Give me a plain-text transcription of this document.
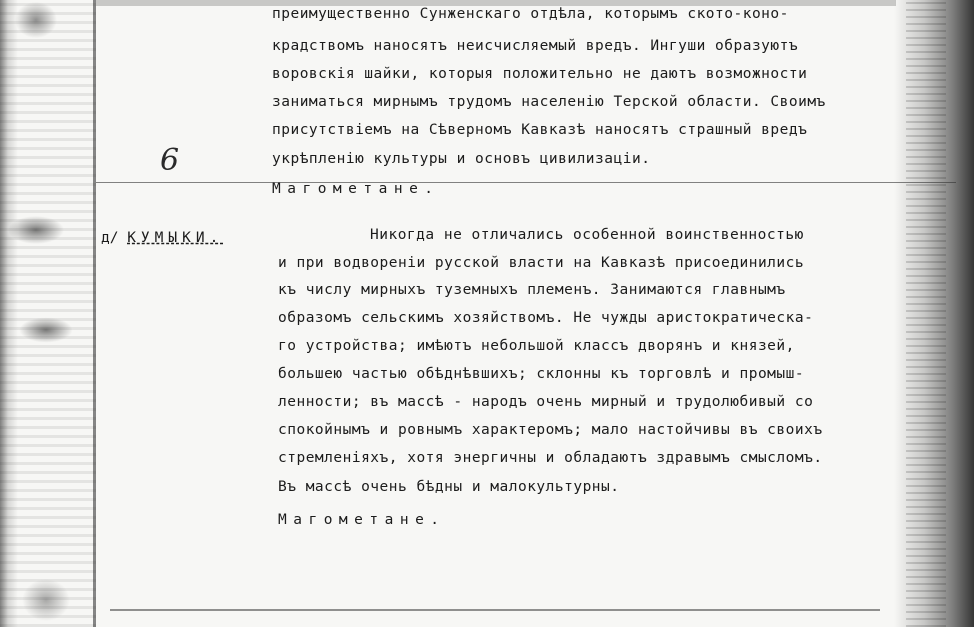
преимущественно Сунженскаго отдѣла, которымъ ското-коно-
крадствомъ наносятъ неисчисляемый вредъ. Ингуши образуютъ
воровскія шайки, которыя положительно не даютъ возможности
заниматься мирнымъ трудомъ населенію Терской области. Своимъ
присутствіемъ на Сѣверномъ Кавказѣ наносятъ страшный вредъ
укрѣпленію культуры и основъ цивилизаціи.
Магометане.
6
д/ КУМЫКИ.	Никогда не отличались особенной воинственностью
и при водвореніи русской власти на Кавказѣ присоединились
къ числу мирныхъ туземныхъ племенъ. Занимаются главнымъ
образомъ сельскимъ хозяйствомъ. Не чужды аристократическа-
го устройства; имѣютъ небольшой классъ дворянъ и князей,
большею частью обѣднѣвшихъ; склонны къ торговлѣ и промыш-
ленности; въ массѣ - народъ очень мирный и трудолюбивый со
спокойнымъ и ровнымъ характеромъ; мало настойчивы въ своихъ
стремленіяхъ, хотя энергичны и обладаютъ здравымъ смысломъ.
Въ массѣ очень бѣдны и малокультурны.
Магометане.
